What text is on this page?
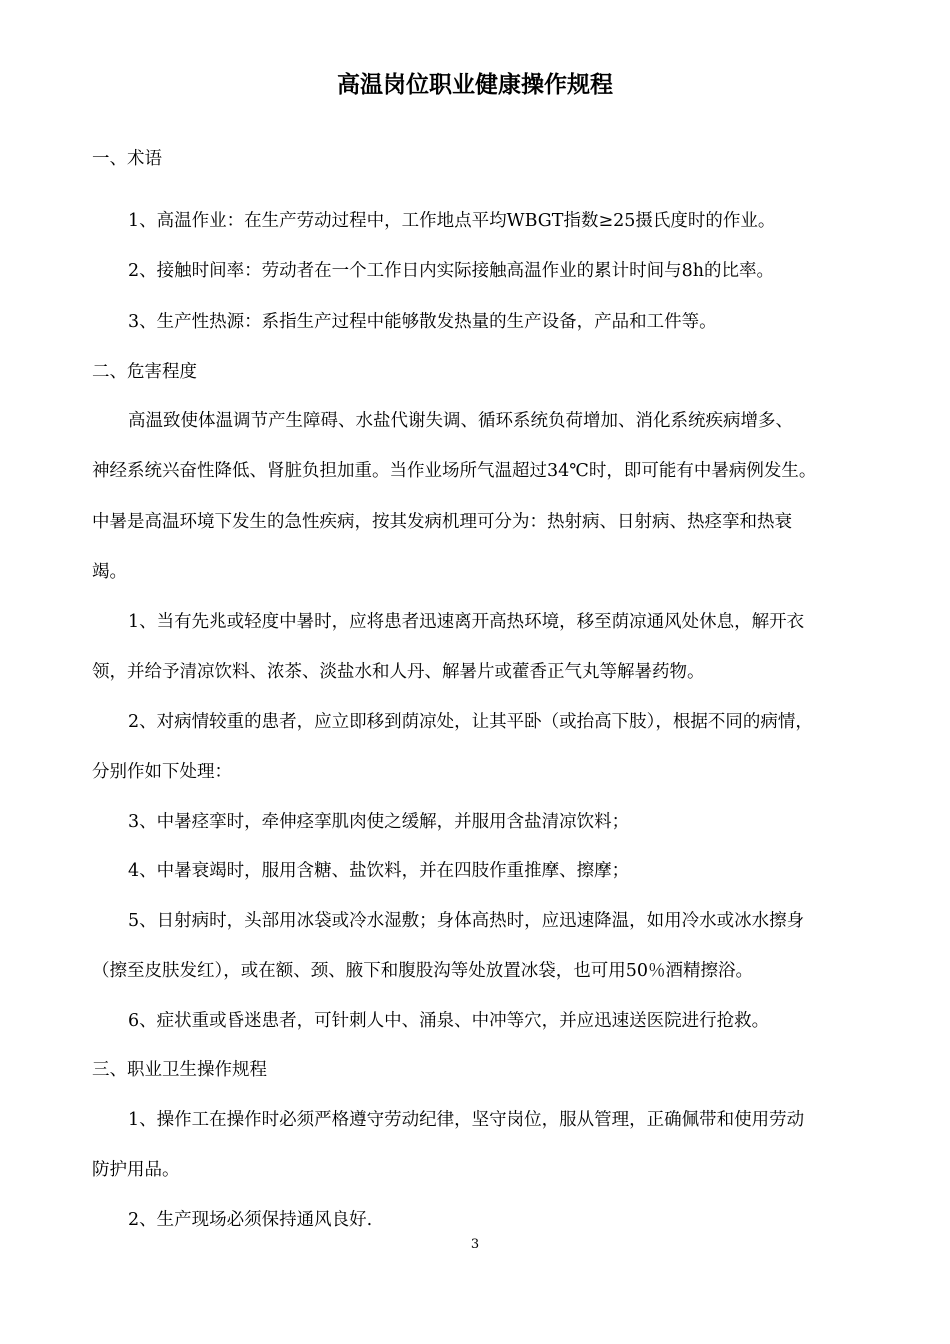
高温岗位职业健康操作规程
一、术语
1、高温作业：在生产劳动过程中，工作地点平均WBGT指数≥25摄氏度时的作业。
2、接触时间率：劳动者在一个工作日内实际接触高温作业的累计时间与8h的比率。
3、生产性热源：系指生产过程中能够散发热量的生产设备，产品和工件等。
二、危害程度
高温致使体温调节产生障碍、水盐代谢失调、循环系统负荷增加、消化系统疾病增多、
神经系统兴奋性降低、肾脏负担加重。当作业场所气温超过34℃时，即可能有中暑病例发生。
中暑是高温环境下发生的急性疾病，按其发病机理可分为：热射病、日射病、热痉挛和热衰
竭。
1、当有先兆或轻度中暑时，应将患者迅速离开高热环境，移至荫凉通风处休息，解开衣
领，并给予清凉饮料、浓茶、淡盐水和人丹、解暑片或藿香正气丸等解暑药物。
2、对病情较重的患者，应立即移到荫凉处，让其平卧（或抬高下肢），根据不同的病情，
分别作如下处理：
3、中暑痉挛时，牵伸痉挛肌肉使之缓解，并服用含盐清凉饮料；
4、中暑衰竭时，服用含糖、盐饮料，并在四肢作重推摩、擦摩；
5、日射病时，头部用冰袋或冷水湿敷；身体高热时，应迅速降温，如用冷水或冰水擦身
（擦至皮肤发红），或在额、颈、腋下和腹股沟等处放置冰袋，也可用50％酒精擦浴。
6、症状重或昏迷患者，可针刺人中、涌泉、中冲等穴，并应迅速送医院进行抢救。
三、职业卫生操作规程
1、操作工在操作时必须严格遵守劳动纪律，坚守岗位，服从管理，正确佩带和使用劳动
防护用品。
2、生产现场必须保持通风良好.
3
